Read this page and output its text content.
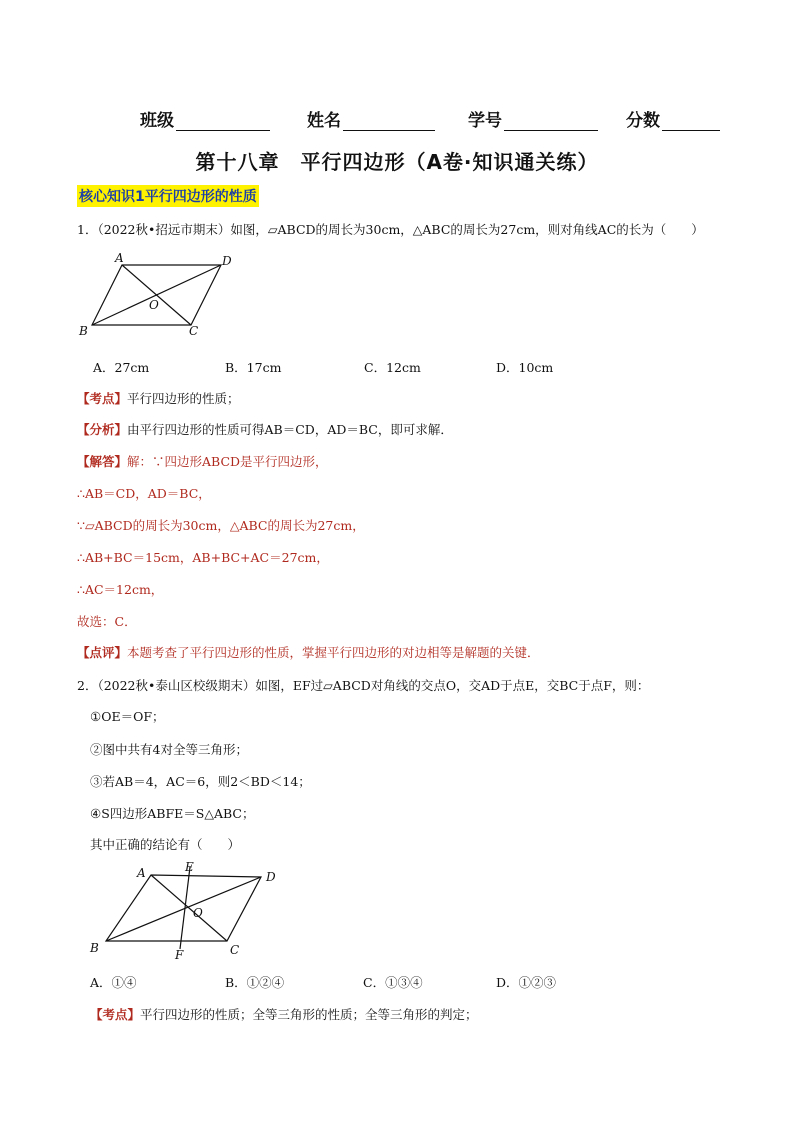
班级	姓名	学号	分数
第十八章　平行四边形（A卷·知识通关练）
核心知识1平行四边形的性质
1．（2022秋•招远市期末）如图，▱ABCD的周长为30cm，△ABC的周长为27cm，则对角线AC的长为（　　）
A	D
B	C
O
A．27cm	B．17cm	C．12cm	D．10cm
【考点】平行四边形的性质；
【分析】由平行四边形的性质可得AB＝CD，AD＝BC，即可求解．
【解答】解：∵四边形ABCD是平行四边形，
∴AB＝CD，AD＝BC，
∵▱ABCD的周长为30cm，△ABC的周长为27cm，
∴AB+BC＝15cm，AB+BC+AC＝27cm，
∴AC＝12cm，
故选：C．
【点评】本题考查了平行四边形的性质，掌握平行四边形的对边相等是解题的关键．
2．（2022秋•泰山区校级期末）如图，EF过▱ABCD对角线的交点O，交AD于点E，交BC于点F，则：
①OE＝OF；
②图中共有4对全等三角形；
③若AB＝4，AC＝6，则2＜BD＜14；
④S四边形ABFE＝S△ABC；
其中正确的结论有（　　）
A	E
D
O
B	F	C
A．①④	B．①②④	C．①③④	D．①②③
【考点】平行四边形的性质；全等三角形的性质；全等三角形的判定；
